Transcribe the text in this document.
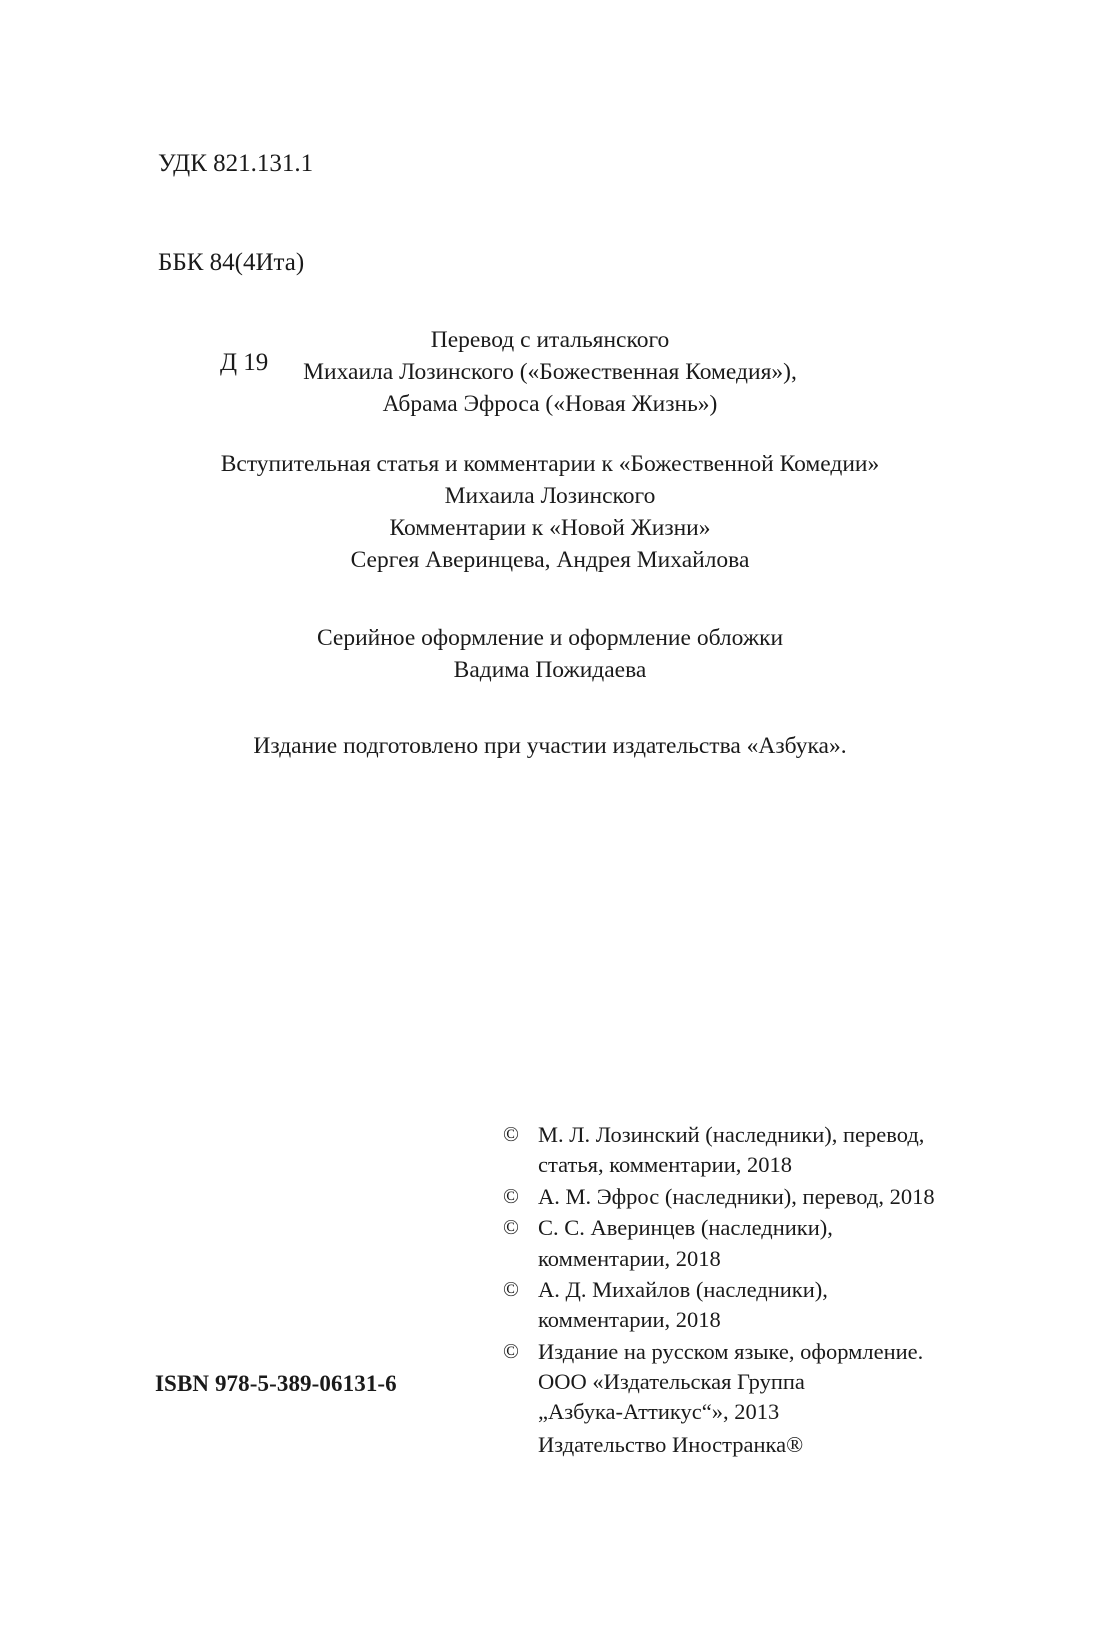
УДК 821.131.1

ББК 84(4Ита)

Д 19

Перевод с итальянского
Михаила Лозинского («Божественная Комедия»),
Абрама Эфроса («Новая Жизнь»)
Вступительная статья и комментарии к «Божественной Комедии»
Михаила Лозинского
Комментарии к «Новой Жизни»
Сергея Аверинцева, Андрея Михайлова
Серийное оформление и оформление обложки
Вадима Пожидаева
Издание подготовлено при участии издательства «Азбука».
© М. Л. Лозинский (наследники), перевод,
статья, комментарии, 2018
© А. М. Эфрос (наследники), перевод, 2018
© С. С. Аверинцев (наследники),
комментарии, 2018
© А. Д. Михайлов (наследники),
комментарии, 2018
© Издание на русском языке, оформление.
ООО «Издательская Группа
„Азбука-Аттикус“», 2013
Издательство Иностранка®
ISBN 978-5-389-06131-6
